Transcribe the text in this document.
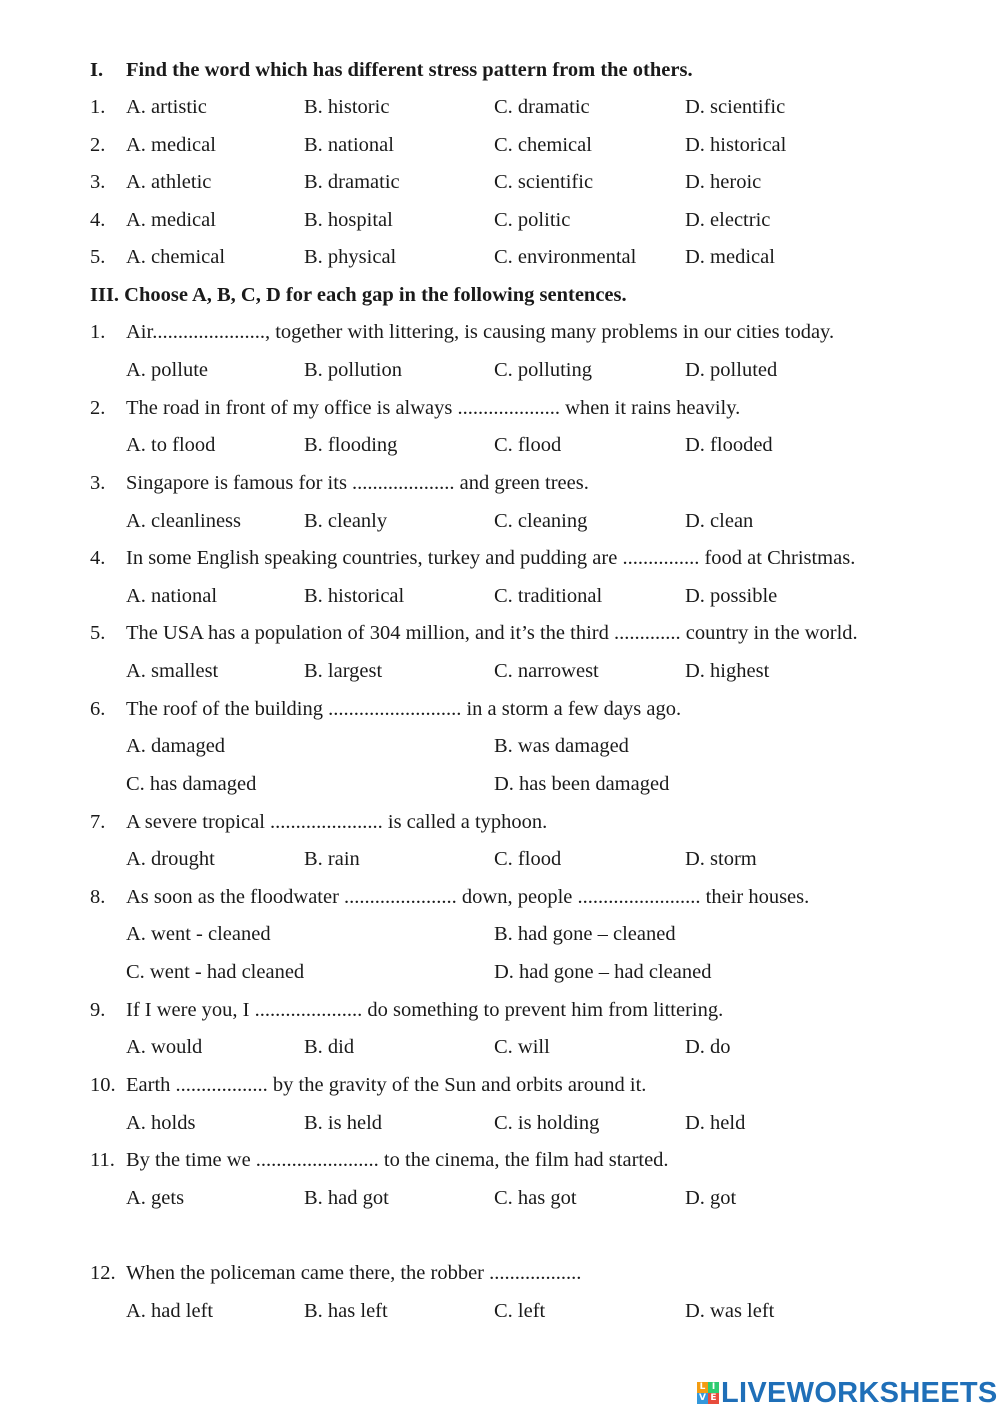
I. Find the word which has different stress pattern from the others.
1. A. artistic	B. historic	C. dramatic	D. scientific
2. A. medical	B. national	C. chemical	D. historical
3. A. athletic	B. dramatic	C. scientific	D. heroic
4. A. medical	B. hospital	C. politic	D. electric
5. A. chemical	B. physical	C. environmental D. medical
III. Choose A, B, C, D for each gap in the following sentences.
1. Air......................, together with littering, is causing many problems in our cities today.
A. pollute	B. pollution	C. polluting	D. polluted
2. The road in front of my office is always .................... when it rains heavily.
A. to flood	B. flooding	C. flood	D. flooded
3. Singapore is famous for its .................... and green trees.
A. cleanliness	B. cleanly	C. cleaning	D. clean
4. In some English speaking countries, turkey and pudding are ............... food at Christmas.
A. national	B. historical	C. traditional	D. possible
5. The USA has a population of 304 million, and it’s the third ............. country in the world.
A. smallest	B. largest	C. narrowest	D. highest
6. The roof of the building .......................... in a storm a few days ago.
A. damaged	B. was damaged
C. has damaged	D. has been damaged
7. A severe tropical ...................... is called a typhoon.
A. drought	B. rain	C. flood	D. storm
8. As soon as the floodwater ...................... down, people ........................ their houses.
A. went - cleaned	B. had gone – cleaned
C. went - had cleaned	D. had gone – had cleaned
9. If I were you, I ..................... do something to prevent him from littering.
A. would	B. did	C. will	D. do
10. Earth .................. by the gravity of the Sun and orbits around it.
A. holds	B. is held	C. is holding	D. held
11. By the time we ........................ to the cinema, the film had started.
A. gets	B. had got	C. has got	D. got
12. When the policeman came there, the robber ..................
A. had left	B. has left	C. left	D. was left
L I
V E LIVEWORKSHEETS
